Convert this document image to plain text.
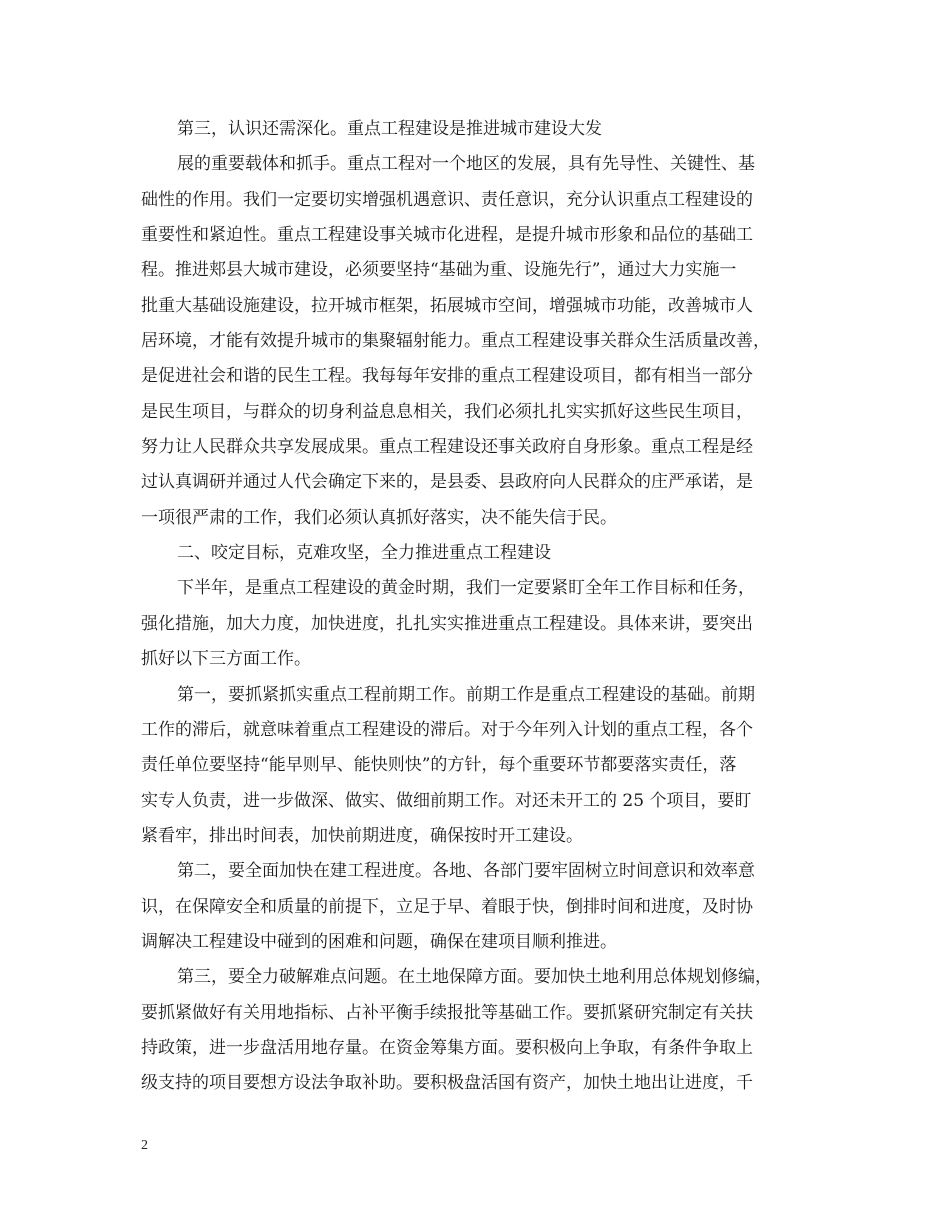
第三，认识还需深化。重点工程建设是推进城市建设大发
展的重要载体和抓手。重点工程对一个地区的发展，具有先导性、关键性、基
础性的作用。我们一定要切实增强机遇意识、责任意识，充分认识重点工程建设的
重要性和紧迫性。重点工程建设事关城市化进程，是提升城市形象和品位的基础工
程。推进郏县大城市建设，必须要坚持“基础为重、设施先行”，通过大力实施一
批重大基础设施建设，拉开城市框架，拓展城市空间，增强城市功能，改善城市人
居环境，才能有效提升城市的集聚辐射能力。重点工程建设事关群众生活质量改善，
是促进社会和谐的民生工程。我每每年安排的重点工程建设项目，都有相当一部分
是民生项目，与群众的切身利益息息相关，我们必须扎扎实实抓好这些民生项目，
努力让人民群众共享发展成果。重点工程建设还事关政府自身形象。重点工程是经
过认真调研并通过人代会确定下来的，是县委、县政府向人民群众的庄严承诺，是
一项很严肃的工作，我们必须认真抓好落实，决不能失信于民。
二、咬定目标，克难攻坚，全力推进重点工程建设
下半年，是重点工程建设的黄金时期，我们一定要紧盯全年工作目标和任务，
强化措施，加大力度，加快进度，扎扎实实推进重点工程建设。具体来讲，要突出
抓好以下三方面工作。
第一，要抓紧抓实重点工程前期工作。前期工作是重点工程建设的基础。前期
工作的滞后，就意味着重点工程建设的滞后。对于今年列入计划的重点工程，各个
责任单位要坚持“能早则早、能快则快”的方针，每个重要环节都要落实责任，落
实专人负责，进一步做深、做实、做细前期工作。对还未开工的 25 个项目，要盯
紧看牢，排出时间表，加快前期进度，确保按时开工建设。
第二，要全面加快在建工程进度。各地、各部门要牢固树立时间意识和效率意
识，在保障安全和质量的前提下，立足于早、着眼于快，倒排时间和进度，及时协
调解决工程建设中碰到的困难和问题，确保在建项目顺利推进。
第三，要全力破解难点问题。在土地保障方面。要加快土地利用总体规划修编，
要抓紧做好有关用地指标、占补平衡手续报批等基础工作。要抓紧研究制定有关扶
持政策，进一步盘活用地存量。在资金筹集方面。要积极向上争取，有条件争取上
级支持的项目要想方设法争取补助。要积极盘活国有资产，加快土地出让进度，千
2
